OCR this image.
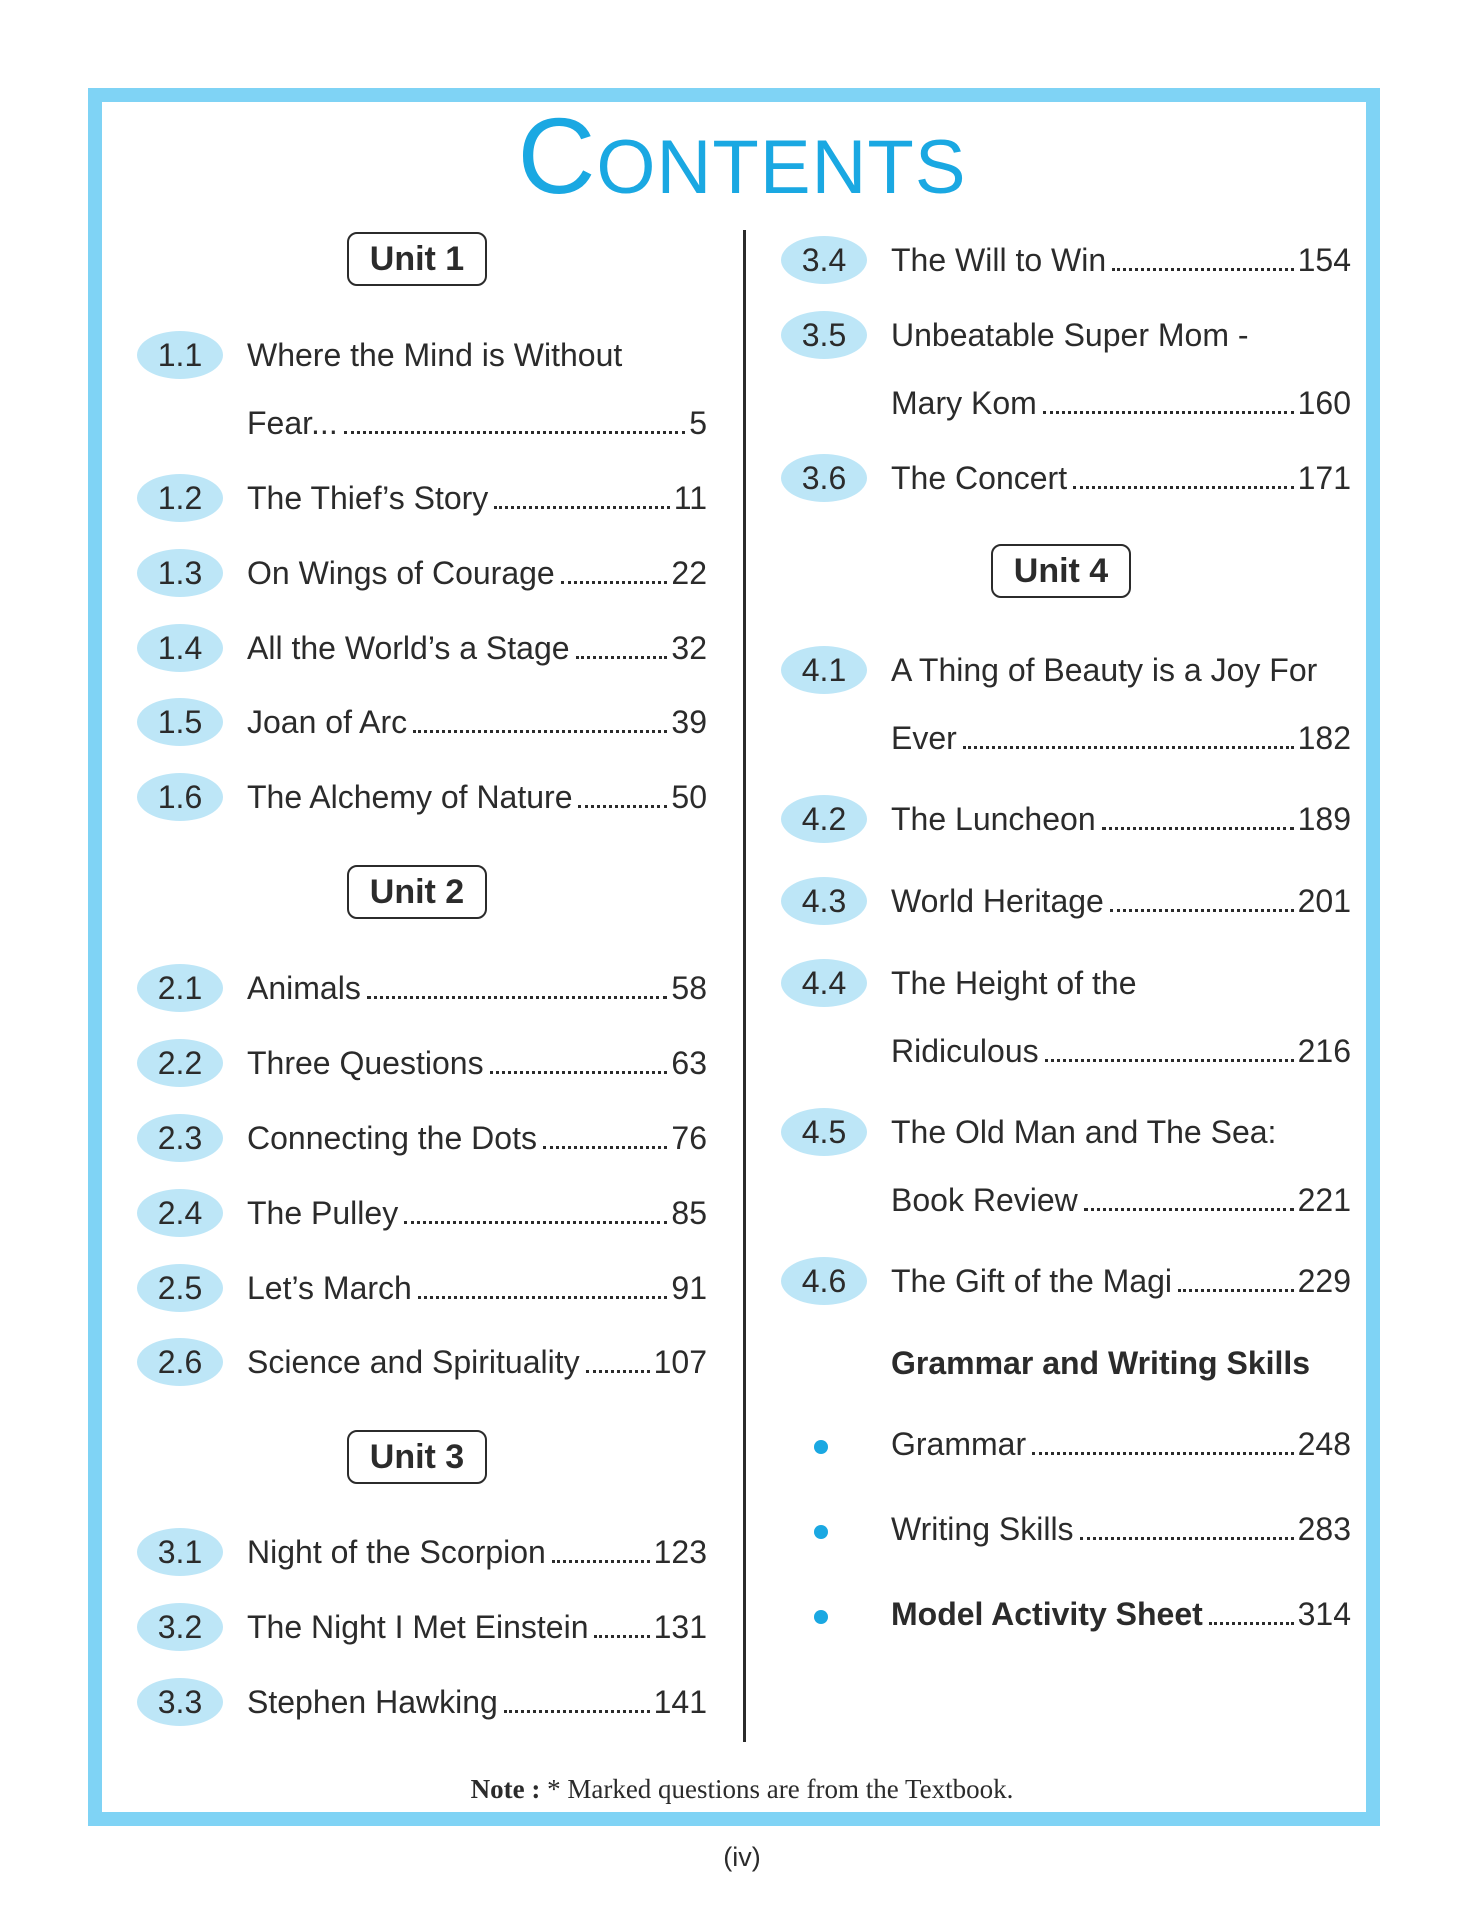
Contents
Unit 1
1.1	Where the Mind is Without
Fear...	5
1.2	The Thief’s Story	11
1.3	On Wings of Courage	22
1.4	All the World’s a Stage	32
1.5	Joan of Arc	39
1.6	The Alchemy of Nature	50
Unit 2
2.1	Animals	58
2.2	Three Questions	63
2.3	Connecting the Dots	76
2.4	The Pulley	85
2.5	Let’s March	91
2.6	Science and Spirituality 107
Unit 3
3.1	Night of the Scorpion	123
3.2	The Night I Met Einstein 131
3.3	Stephen Hawking	141
3.4	The Will to Win	154
3.5	Unbeatable Super Mom -
Mary Kom	160
3.6	The Concert	171
Unit 4
4.1	A Thing of Beauty is a Joy For
Ever	182
4.2	The Luncheon	189
4.3	World Heritage	201
4.4	The Height of the
Ridiculous	216
4.5	The Old Man and The Sea:
Book Review	221
4.6	The Gift of the Magi	229
Grammar and Writing Skills
Grammar	248
Writing Skills	283
Model Activity Sheet	314
Note : * Marked questions are from the Textbook.
(iv)
